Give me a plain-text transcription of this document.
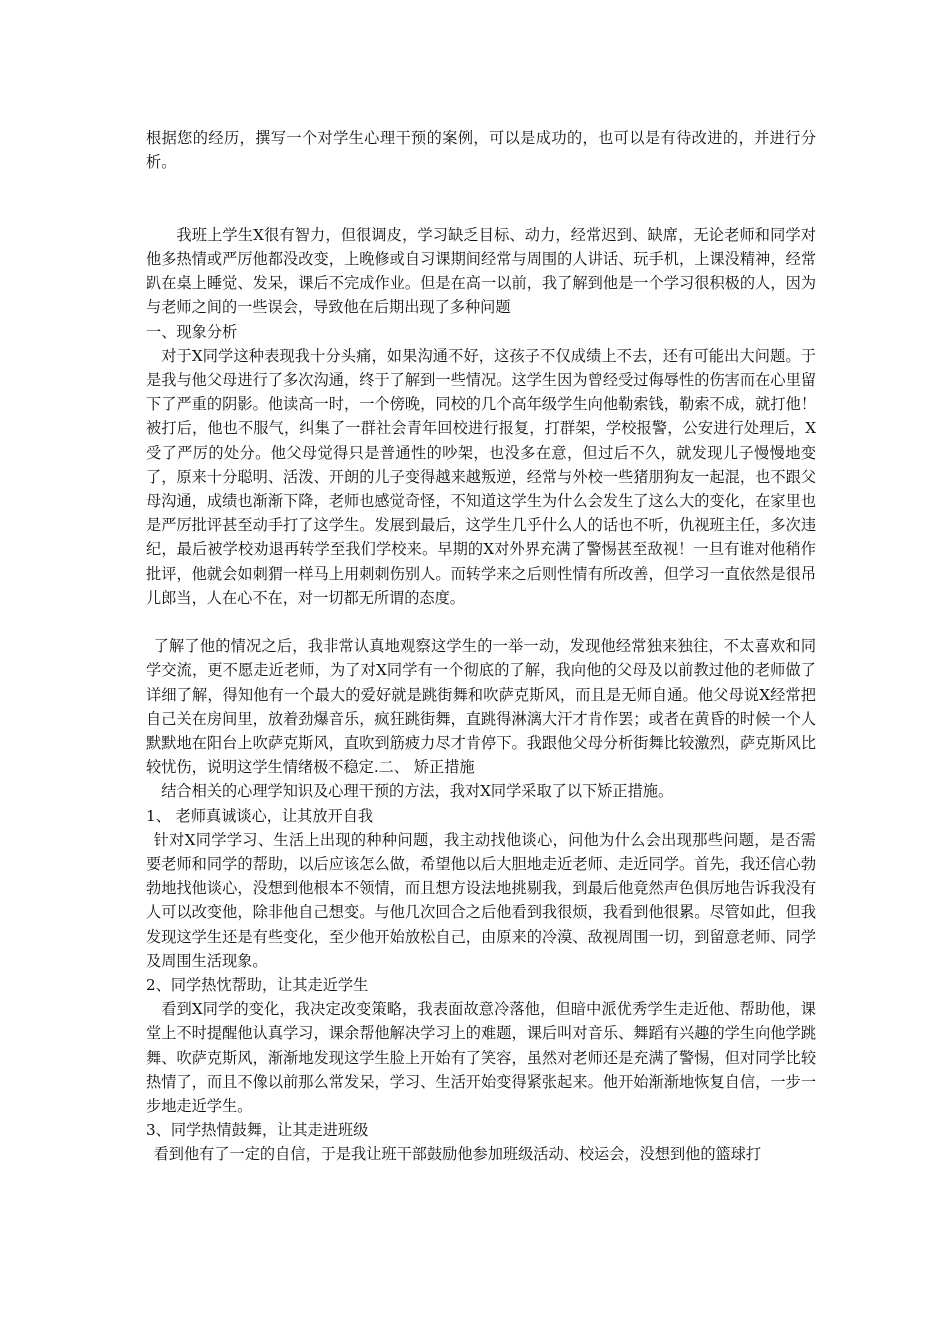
根据您的经历，撰写一个对学生心理干预的案例，可以是成功的，也可以是有待改进的，并进行分析。

我班上学生X很有智力，但很调皮，学习缺乏目标、动力，经常迟到、缺席，无论老师和同学对他多热情或严厉他都没改变，上晚修或自习课期间经常与周围的人讲话、玩手机，上课没精神，经常趴在桌上睡觉、发呆，课后不完成作业。但是在高一以前，我了解到他是一个学习很积极的人，因为与老师之间的一些误会，导致他在后期出现了多种问题

一、现象分析

对于X同学这种表现我十分头痛，如果沟通不好，这孩子不仅成绩上不去，还有可能出大问题。于是我与他父母进行了多次沟通，终于了解到一些情况。这学生因为曾经受过侮辱性的伤害而在心里留下了严重的阴影。他读高一时，一个傍晚，同校的几个高年级学生向他勒索钱，勒索不成，就打他！被打后，他也不服气，纠集了一群社会青年回校进行报复，打群架，学校报警，公安进行处理后，X受了严厉的处分。他父母觉得只是普通性的吵架，也没多在意，但过后不久，就发现儿子慢慢地变了，原来十分聪明、活泼、开朗的儿子变得越来越叛逆，经常与外校一些猪朋狗友一起混，也不跟父母沟通，成绩也渐渐下降，老师也感觉奇怪，不知道这学生为什么会发生了这么大的变化，在家里也是严厉批评甚至动手打了这学生。发展到最后，这学生几乎什么人的话也不听，仇视班主任，多次违纪，最后被学校劝退再转学至我们学校来。早期的X对外界充满了警惕甚至敌视！一旦有谁对他稍作批评，他就会如刺猬一样马上用刺刺伤别人。而转学来之后则性情有所改善，但学习一直依然是很吊儿郎当，人在心不在，对一切都无所谓的态度。

了解了他的情况之后，我非常认真地观察这学生的一举一动，发现他经常独来独往，不太喜欢和同学交流，更不愿走近老师，为了对X同学有一个彻底的了解，我向他的父母及以前教过他的老师做了详细了解，得知他有一个最大的爱好就是跳街舞和吹萨克斯风，而且是无师自通。他父母说X经常把自己关在房间里，放着劲爆音乐，疯狂跳街舞，直跳得淋漓大汗才肯作罢；或者在黄昏的时候一个人默默地在阳台上吹萨克斯风，直吹到筋疲力尽才肯停下。我跟他父母分析街舞比较激烈，萨克斯风比较忧伤，说明这学生情绪极不稳定.二、 矫正措施

结合相关的心理学知识及心理干预的方法，我对X同学采取了以下矫正措施。

1、 老师真诚谈心，让其放开自我

针对X同学学习、生活上出现的种种问题，我主动找他谈心，问他为什么会出现那些问题，是否需要老师和同学的帮助，以后应该怎么做，希望他以后大胆地走近老师、走近同学。首先，我还信心勃勃地找他谈心，没想到他根本不领情，而且想方设法地挑剔我，到最后他竟然声色俱厉地告诉我没有人可以改变他，除非他自己想变。与他几次回合之后他看到我很烦，我看到他很累。尽管如此，但我发现这学生还是有些变化，至少他开始放松自己，由原来的冷漠、敌视周围一切，到留意老师、同学及周围生活现象。

2、同学热忱帮助，让其走近学生

看到X同学的变化，我决定改变策略，我表面故意冷落他，但暗中派优秀学生走近他、帮助他，课堂上不时提醒他认真学习，课余帮他解决学习上的难题，课后叫对音乐、舞蹈有兴趣的学生向他学跳舞、吹萨克斯风，渐渐地发现这学生脸上开始有了笑容，虽然对老师还是充满了警惕，但对同学比较热情了，而且不像以前那么常发呆，学习、生活开始变得紧张起来。他开始渐渐地恢复自信，一步一步地走近学生。

3、同学热情鼓舞，让其走进班级

看到他有了一定的自信，于是我让班干部鼓励他参加班级活动、校运会，没想到他的篮球打
